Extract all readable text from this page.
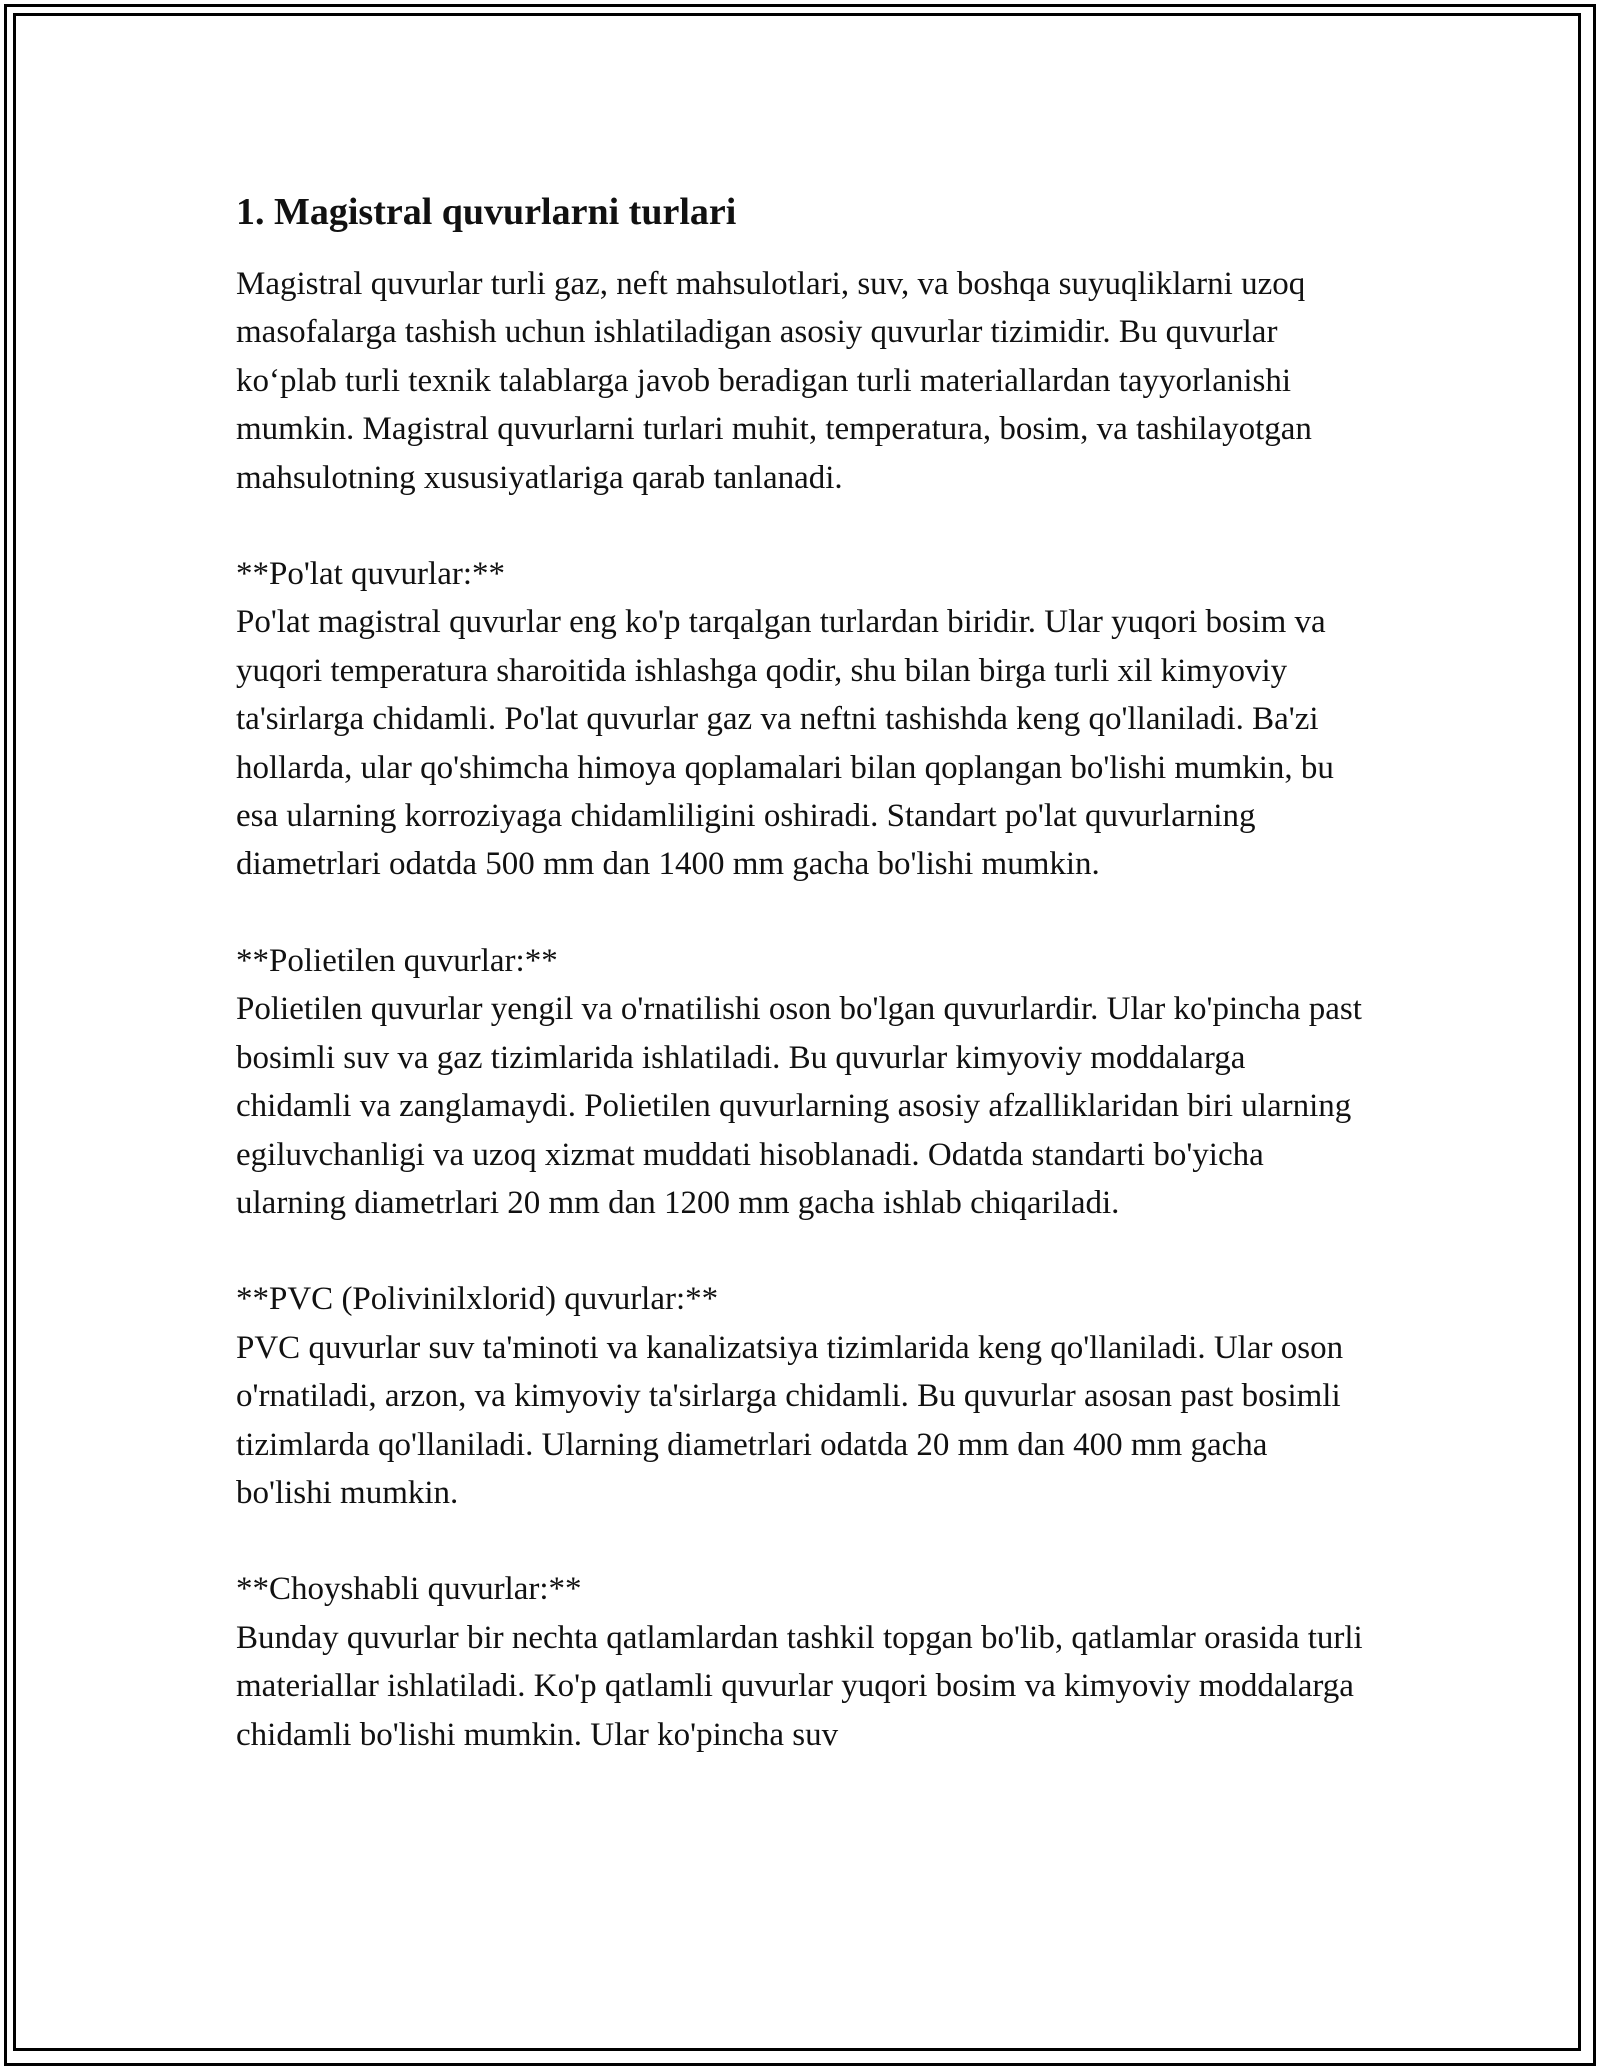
1. Magistral quvurlarni turlari

Magistral quvurlar turli gaz, neft mahsulotlari, suv, va boshqa suyuqliklarni uzoq masofalarga tashish uchun ishlatiladigan asosiy quvurlar tizimidir. Bu quvurlar ko‘plab turli texnik talablarga javob beradigan turli materiallardan tayyorlanishi mumkin. Magistral quvurlarni turlari muhit, temperatura, bosim, va tashilayotgan mahsulotning xususiyatlariga qarab tanlanadi.

**Po'lat quvurlar:**
Po'lat magistral quvurlar eng ko'p tarqalgan turlardan biridir. Ular yuqori bosim va yuqori temperatura sharoitida ishlashga qodir, shu bilan birga turli xil kimyoviy ta'sirlarga chidamli. Po'lat quvurlar gaz va neftni tashishda keng qo'llaniladi. Ba'zi hollarda, ular qo'shimcha himoya qoplamalari bilan qoplangan bo'lishi mumkin, bu esa ularning korroziyaga chidamliligini oshiradi. Standart po'lat quvurlarning diametrlari odatda 500 mm dan 1400 mm gacha bo'lishi mumkin.

**Polietilen quvurlar:**
Polietilen quvurlar yengil va o'rnatilishi oson bo'lgan quvurlardir. Ular ko'pincha past bosimli suv va gaz tizimlarida ishlatiladi. Bu quvurlar kimyoviy moddalarga chidamli va zanglamaydi. Polietilen quvurlarning asosiy afzalliklaridan biri ularning egiluvchanligi va uzoq xizmat muddati hisoblanadi. Odatda standarti bo'yicha ularning diametrlari 20 mm dan 1200 mm gacha ishlab chiqariladi.

**PVC (Polivinilxlorid) quvurlar:**
PVC quvurlar suv ta'minoti va kanalizatsiya tizimlarida keng qo'llaniladi. Ular oson o'rnatiladi, arzon, va kimyoviy ta'sirlarga chidamli. Bu quvurlar asosan past bosimli tizimlarda qo'llaniladi. Ularning diametrlari odatda 20 mm dan 400 mm gacha bo'lishi mumkin.

**Choyshabli quvurlar:**
Bunday quvurlar bir nechta qatlamlardan tashkil topgan bo'lib, qatlamlar orasida turli materiallar ishlatiladi. Ko'p qatlamli quvurlar yuqori bosim va kimyoviy moddalarga chidamli bo'lishi mumkin. Ular ko'pincha suv
